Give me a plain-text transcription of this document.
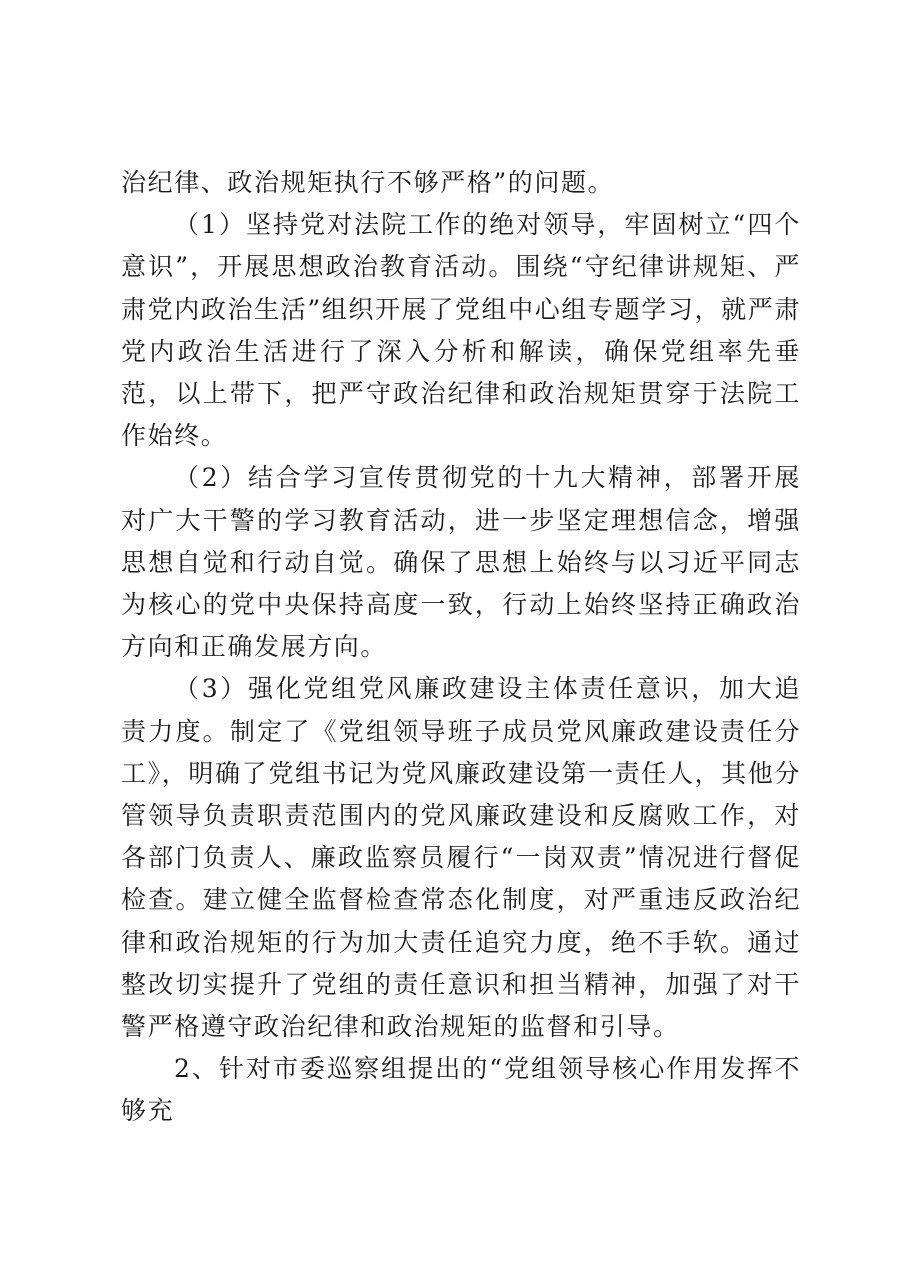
治纪律、政治规矩执行不够严格”的问题。

（1）坚持党对法院工作的绝对领导，牢固树立“四个意识”，开展思想政治教育活动。围绕“守纪律讲规矩、严肃党内政治生活”组织开展了党组中心组专题学习，就严肃党内政治生活进行了深入分析和解读，确保党组率先垂范，以上带下，把严守政治纪律和政治规矩贯穿于法院工作始终。

（2）结合学习宣传贯彻党的十九大精神，部署开展对广大干警的学习教育活动，进一步坚定理想信念，增强思想自觉和行动自觉。确保了思想上始终与以习近平同志为核心的党中央保持高度一致，行动上始终坚持正确政治方向和正确发展方向。

（3）强化党组党风廉政建设主体责任意识，加大追责力度。制定了《党组领导班子成员党风廉政建设责任分工》，明确了党组书记为党风廉政建设第一责任人，其他分管领导负责职责范围内的党风廉政建设和反腐败工作，对各部门负责人、廉政监察员履行“一岗双责”情况进行督促检查。建立健全监督检查常态化制度，对严重违反政治纪律和政治规矩的行为加大责任追究力度，绝不手软。通过整改切实提升了党组的责任意识和担当精神，加强了对干警严格遵守政治纪律和政治规矩的监督和引导。

2、针对市委巡察组提出的“党组领导核心作用发挥不够充
